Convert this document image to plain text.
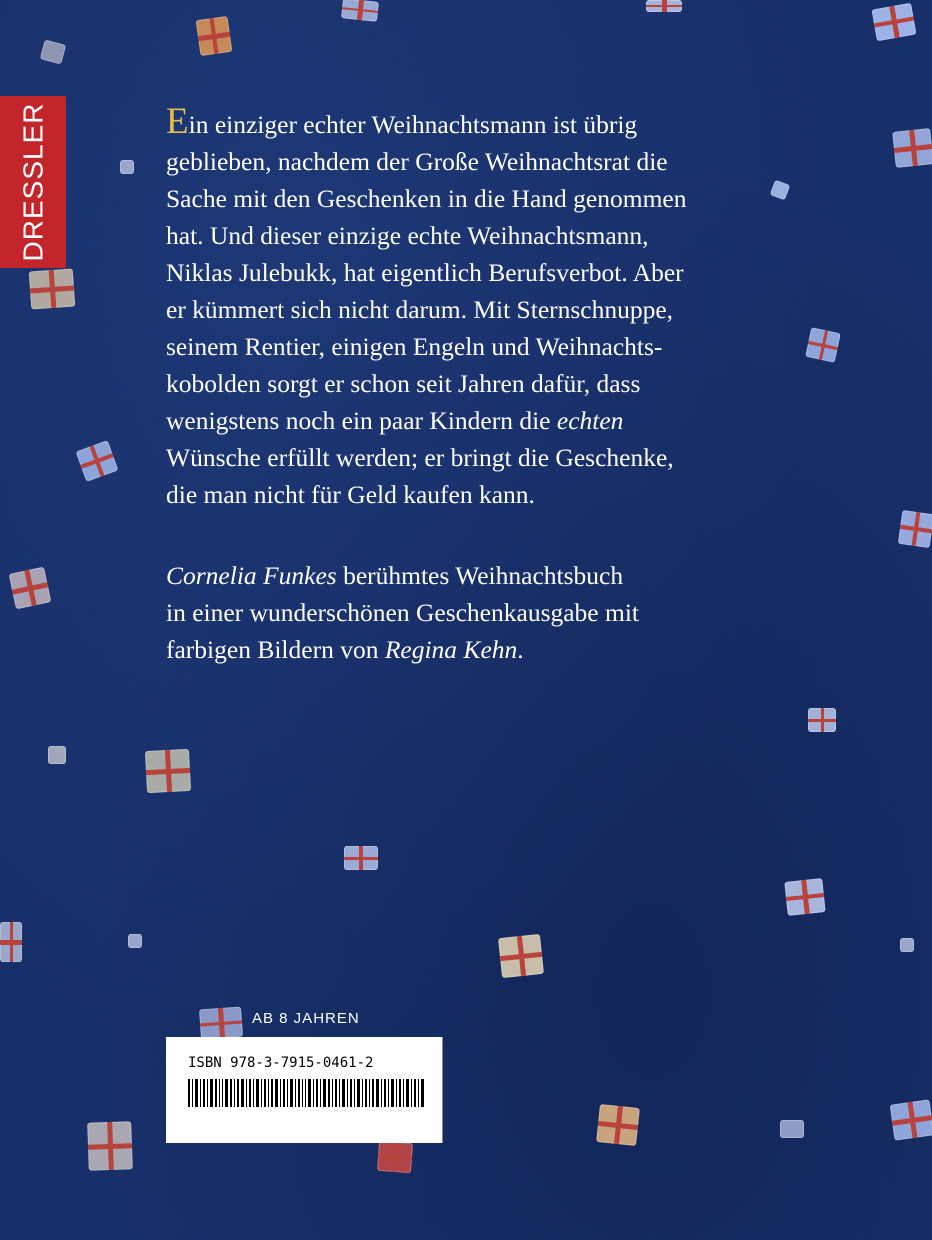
DRESSLER	Ein einziger echter Weihnachtsmann ist übrig

geblieben, nachdem der Große Weihnachtsrat die

Sache mit den Geschenken in die Hand genommen

hat. Und dieser einzige echte Weihnachtsmann,

Niklas Julebukk, hat eigentlich Berufsverbot. Aber

er kümmert sich nicht darum. Mit Sternschnuppe,

seinem Rentier, einigen Engeln und Weihnachts-

kobolden sorgt er schon seit Jahren dafür, dass

wenigstens noch ein paar Kindern die echten

Wünsche erfüllt werden; er bringt die Geschenke,

die man nicht für Geld kaufen kann.

Cornelia Funkes berühmtes Weihnachtsbuch

in einer wunderschönen Geschenkausgabe mit

farbigen Bildern von Regina Kehn.

AB 8 JAHREN
ISBN 978-3-7915-0461-2
